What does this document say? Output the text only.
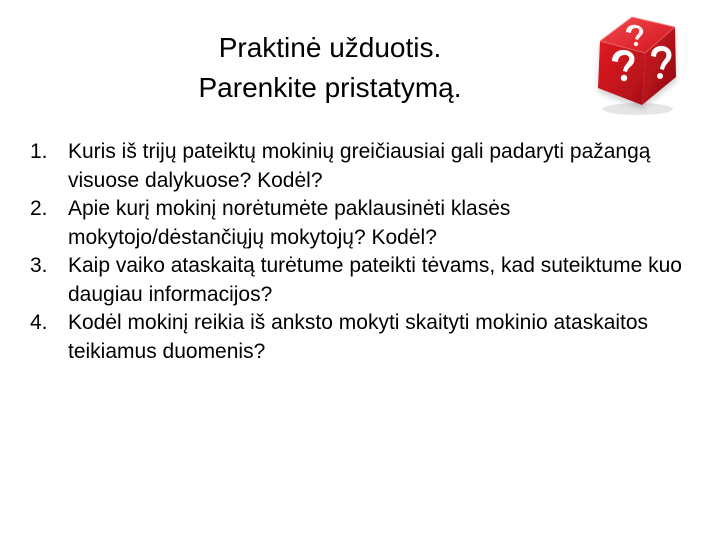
Praktinė užduotis.
Parenkite pristatymą.
1. Kuris iš trijų pateiktų mokinių greičiausiai gali padaryti pažangą visuose dalykuose? Kodėl?
2. Apie kurį mokinį norėtumėte paklausinėti klasės mokytojo/dėstančiųjų mokytojų? Kodėl?
3. Kaip vaiko ataskaitą turėtume pateikti tėvams, kad suteiktume kuo daugiau informacijos?
4. Kodėl mokinį reikia iš anksto mokyti skaityti mokinio ataskaitos teikiamus duomenis?
